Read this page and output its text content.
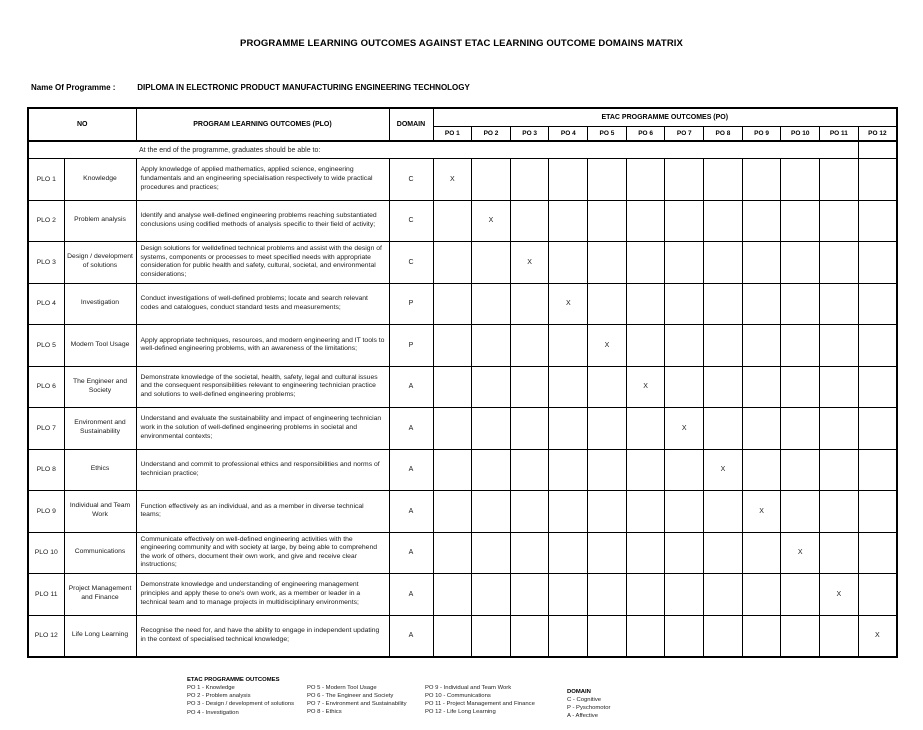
PROGRAMME LEARNING OUTCOMES AGAINST ETAC LEARNING OUTCOME DOMAINS MATRIX
Name Of Programme :	DIPLOMA IN ELECTRONIC PRODUCT MANUFACTURING ENGINEERING TECHNOLOGY
NO		PROGRAM LEARNING OUTCOMES (PLO)	DOMAIN	ETAC PROGRAMME OUTCOMES (PO)											
				PO 1	PO 2	PO 3	PO 4	PO 5	PO 6	PO 7	PO 8	PO 9	PO 10	PO 11	PO 12
At the end of the programme, graduates should be able to:															
PLO 1	Knowledge	Apply knowledge of applied mathematics, applied science, engineering fundamentals and an engineering specialisation respectively to wide practical procedures and practices;	C	X											
PLO 2	Problem analysis	Identify and analyse well-defined engineering problems reaching substantiated conclusions using codified methods of analysis specific to their field of activity;	C		X										
PLO 3	Design / development of solutions	Design solutions for welldefined technical problems and assist with the design of systems, components or processes to meet specified needs with appropriate consideration for public health and safety, cultural, societal, and environmental considerations;	C			X									
PLO 4	Investigation	Conduct investigations of well-defined problems; locate and search relevant codes and catalogues, conduct standard tests and measurements;	P				X								
PLO 5	Modern Tool Usage	Apply appropriate techniques, resources, and modern engineering and IT tools to well-defined engineering problems, with an awareness of the limitations;	P					X							
PLO 6	The Engineer and Society	Demonstrate knowledge of the societal, health, safety, legal and cultural issues and the consequent responsibilities relevant to engineering technician practice and solutions to well-defined engineering problems;	A						X						
PLO 7	Environment and Sustainability	Understand and evaluate the sustainability and impact of engineering technician work in the solution of well-defined engineering problems in societal and environmental contexts;	A							X					
PLO 8	Ethics	Understand and commit to professional ethics and responsibilities and norms of technician practice;	A								X				
PLO 9	Individual and Team Work	Function effectively as an individual, and as a member in diverse technical teams;	A									X			
PLO 10	Communications	Communicate effectively on well-defined engineering activities with the engineering community and with society at large, by being able to comprehend the work of others, document their own work, and give and receive clear instructions;	A										X		
PLO 11	Project Management and Finance	Demonstrate knowledge and understanding of engineering management principles and apply these to one's own work, as a member or leader in a technical team and to manage projects in multidisciplinary environments;	A											X	
PLO 12	Life Long Learning	Recognise the need for, and have the ability to engage in independent updating in the context of specialised technical knowledge;	A												X
ETAC PROGRAMME OUTCOMES
PO 1 - Knowledge
PO 2 - Problem analysis
PO 3 - Design / development of solutions
PO 4 - Investigation
PO 5 - Modern Tool Usage
PO 6 - The Engineer and Society
PO 7 - Environment and Sustainability
PO 8 - Ethics
PO 9 - Individual and Team Work
PO 10 - Communications
PO 11 - Project Management and Finance
PO 12 - Life Long Learning
DOMAIN
C - Cognitive
P - Pyschomotor
A - Affective
